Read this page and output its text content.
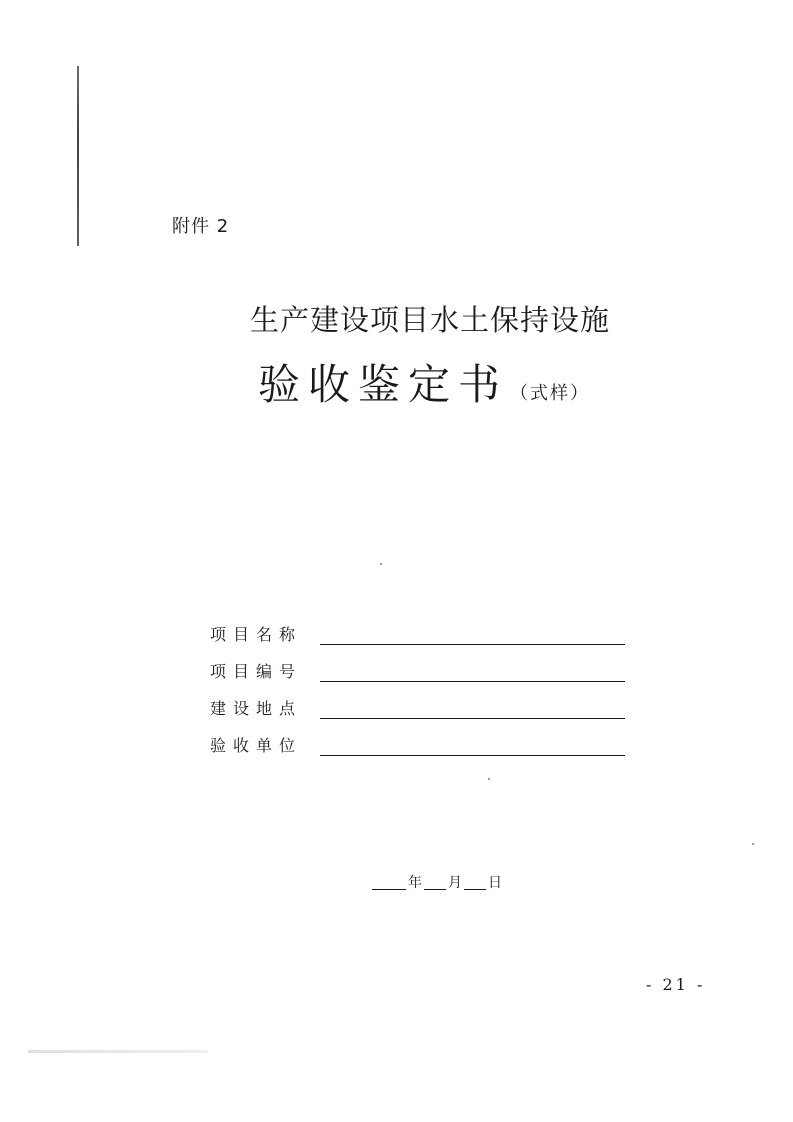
附件 2
生产建设项目水土保持设施
验收鉴定书 （式样）
项目名称
项目编号
建设地点
验收单位
年 月 日
- 21 -
